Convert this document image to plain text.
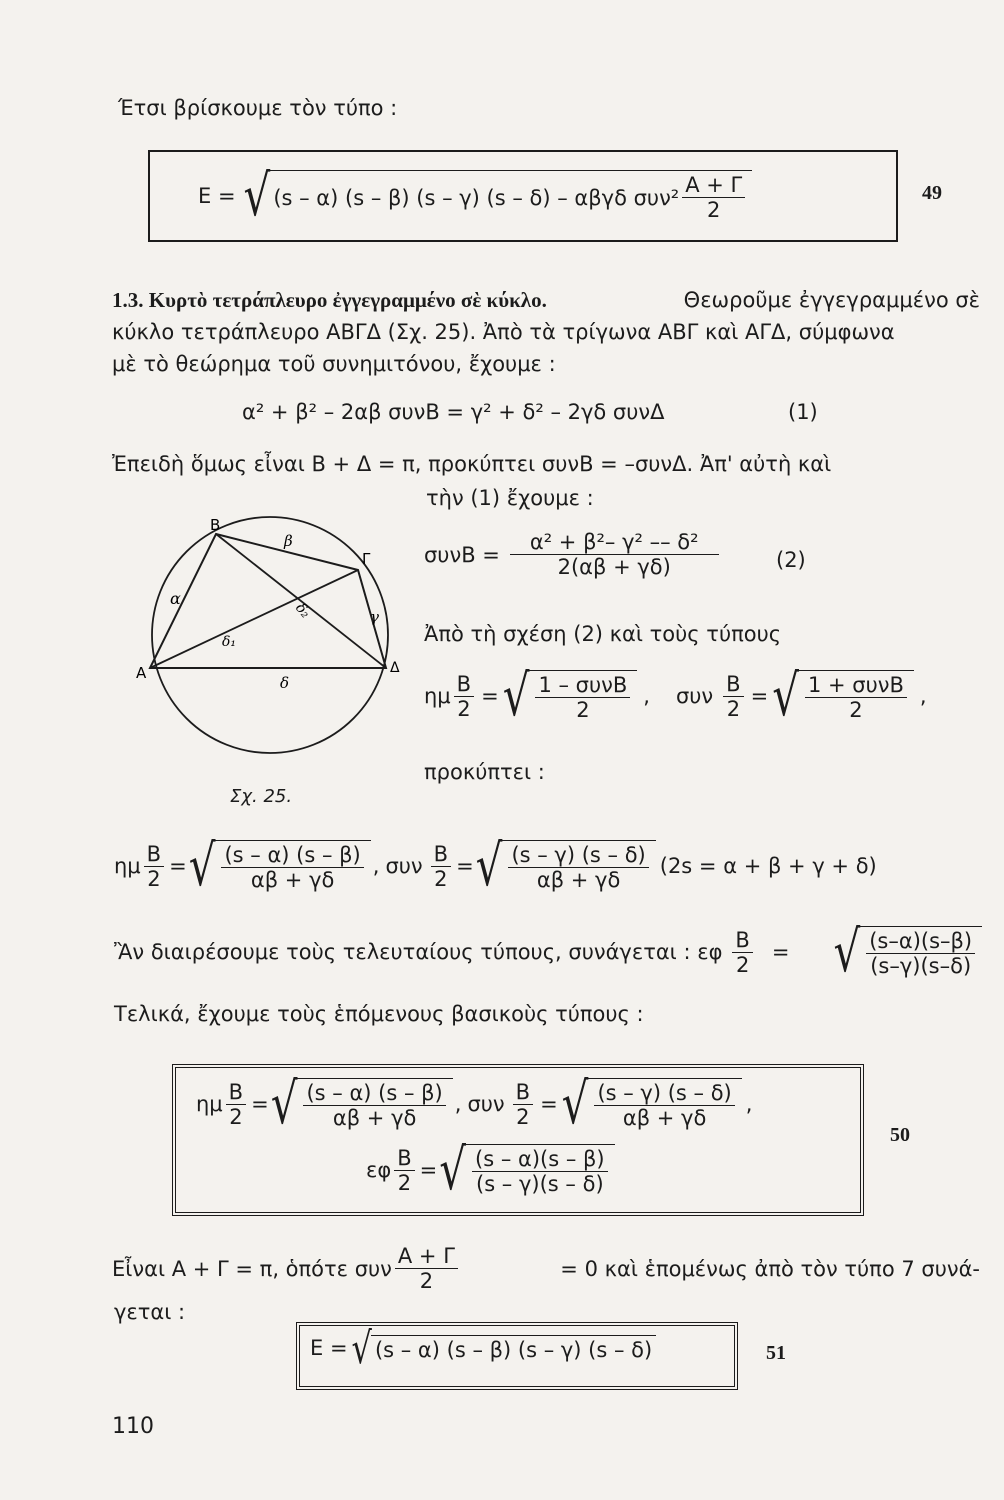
Έτσι βρίσκουμε τὸν τύπο :
E = √ (s – α) (s – β) (s – γ) (s – δ) – αβγδ $\sigma\upsilon\nu^2 \frac{A + \Gamma}{2}$	49
1.3. Κυρτὸ τετράπλευρο ἐγγεγραμμένο σὲ κύκλο.	Θεωροῦμε ἐγγεγραμμένο σὲ
κύκλο τετράπλευρο ΑΒΓΔ (Σχ. 25). Ἀπὸ τὰ τρίγωνα ΑΒΓ καὶ ΑΓΔ, σύμφωνα
μὲ τὸ θεώρημα τοῦ συνημιτόνου, ἔχουμε :
α² + β² – 2αβ συνΒ = γ² + δ² – 2γδ συνΔ	(1)
Ἐπειδὴ ὅμως εἶναι Β + Δ = π, προκύπτει συνΒ = –συνΔ. Ἀπ' αὐτὴ καὶ
τὴν (1) ἔχουμε :
Β
Γ
Α	Δ
α
β
γ
δ
δ₁
δ₂
Σχ. 25.
$\sigma\upsilon\nu B = \frac{\text{α² + β²– γ² –– δ²}}{2(\alpha\beta + \gamma\delta)}$	(2)
Ἀπὸ τὴ σχέση (2) καὶ τοὺς τύπους
ημ $\frac{B}{2}$ = √ $\frac{\text{1 – συνΒ}}{2}$ , συν $\frac{B}{2}$ = √ $\frac{\text{1 + συνΒ}}{2}$ ,
προκύπτει :
ημ $\frac{B}{2}$ = √ $\frac{(s - \alpha) (s - \beta)}{\alpha\beta + \gamma\delta}$ , συν $\frac{B}{2}$ = √ $\frac{(s - \gamma) (s - \delta)}{\alpha\beta + \gamma\delta} (2s = \alpha + \beta + \gamma + \delta)$
Ἂν διαιρέσουμε τοὺς τελευταίους τύπους, συνάγεται : εφ $\frac{B}{2}$ = √ $\frac{(s-\alpha)(s-\beta)}{(s-\gamma)(s-\delta)}$
Τελικά, ἔχουμε τοὺς ἑπόμενους βασικοὺς τύπους :
ημ $\frac{B}{2}$ = √ $\frac{(s - \alpha) (s - \beta)}{\alpha\beta + \gamma\delta}$ , συν $\frac{B}{2}$ = √ $\frac{(s - \gamma) (s - \delta)}{\alpha\beta + \gamma\delta}$ ,
εφ $\frac{B}{2}$ = √ $\frac{(s - \alpha)(s - \beta)}{(s - \gamma)(s - \delta)}$
50
Εἶναι Α + Γ = π, ὁπότε συν $\frac{A + \Gamma}{2}$	= 0 καὶ ἑπομένως ἀπὸ τὸν τύπο 7 συνά-
γεται :
E = √ (s – α) (s – β) (s – γ) (s – δ)	51
110
